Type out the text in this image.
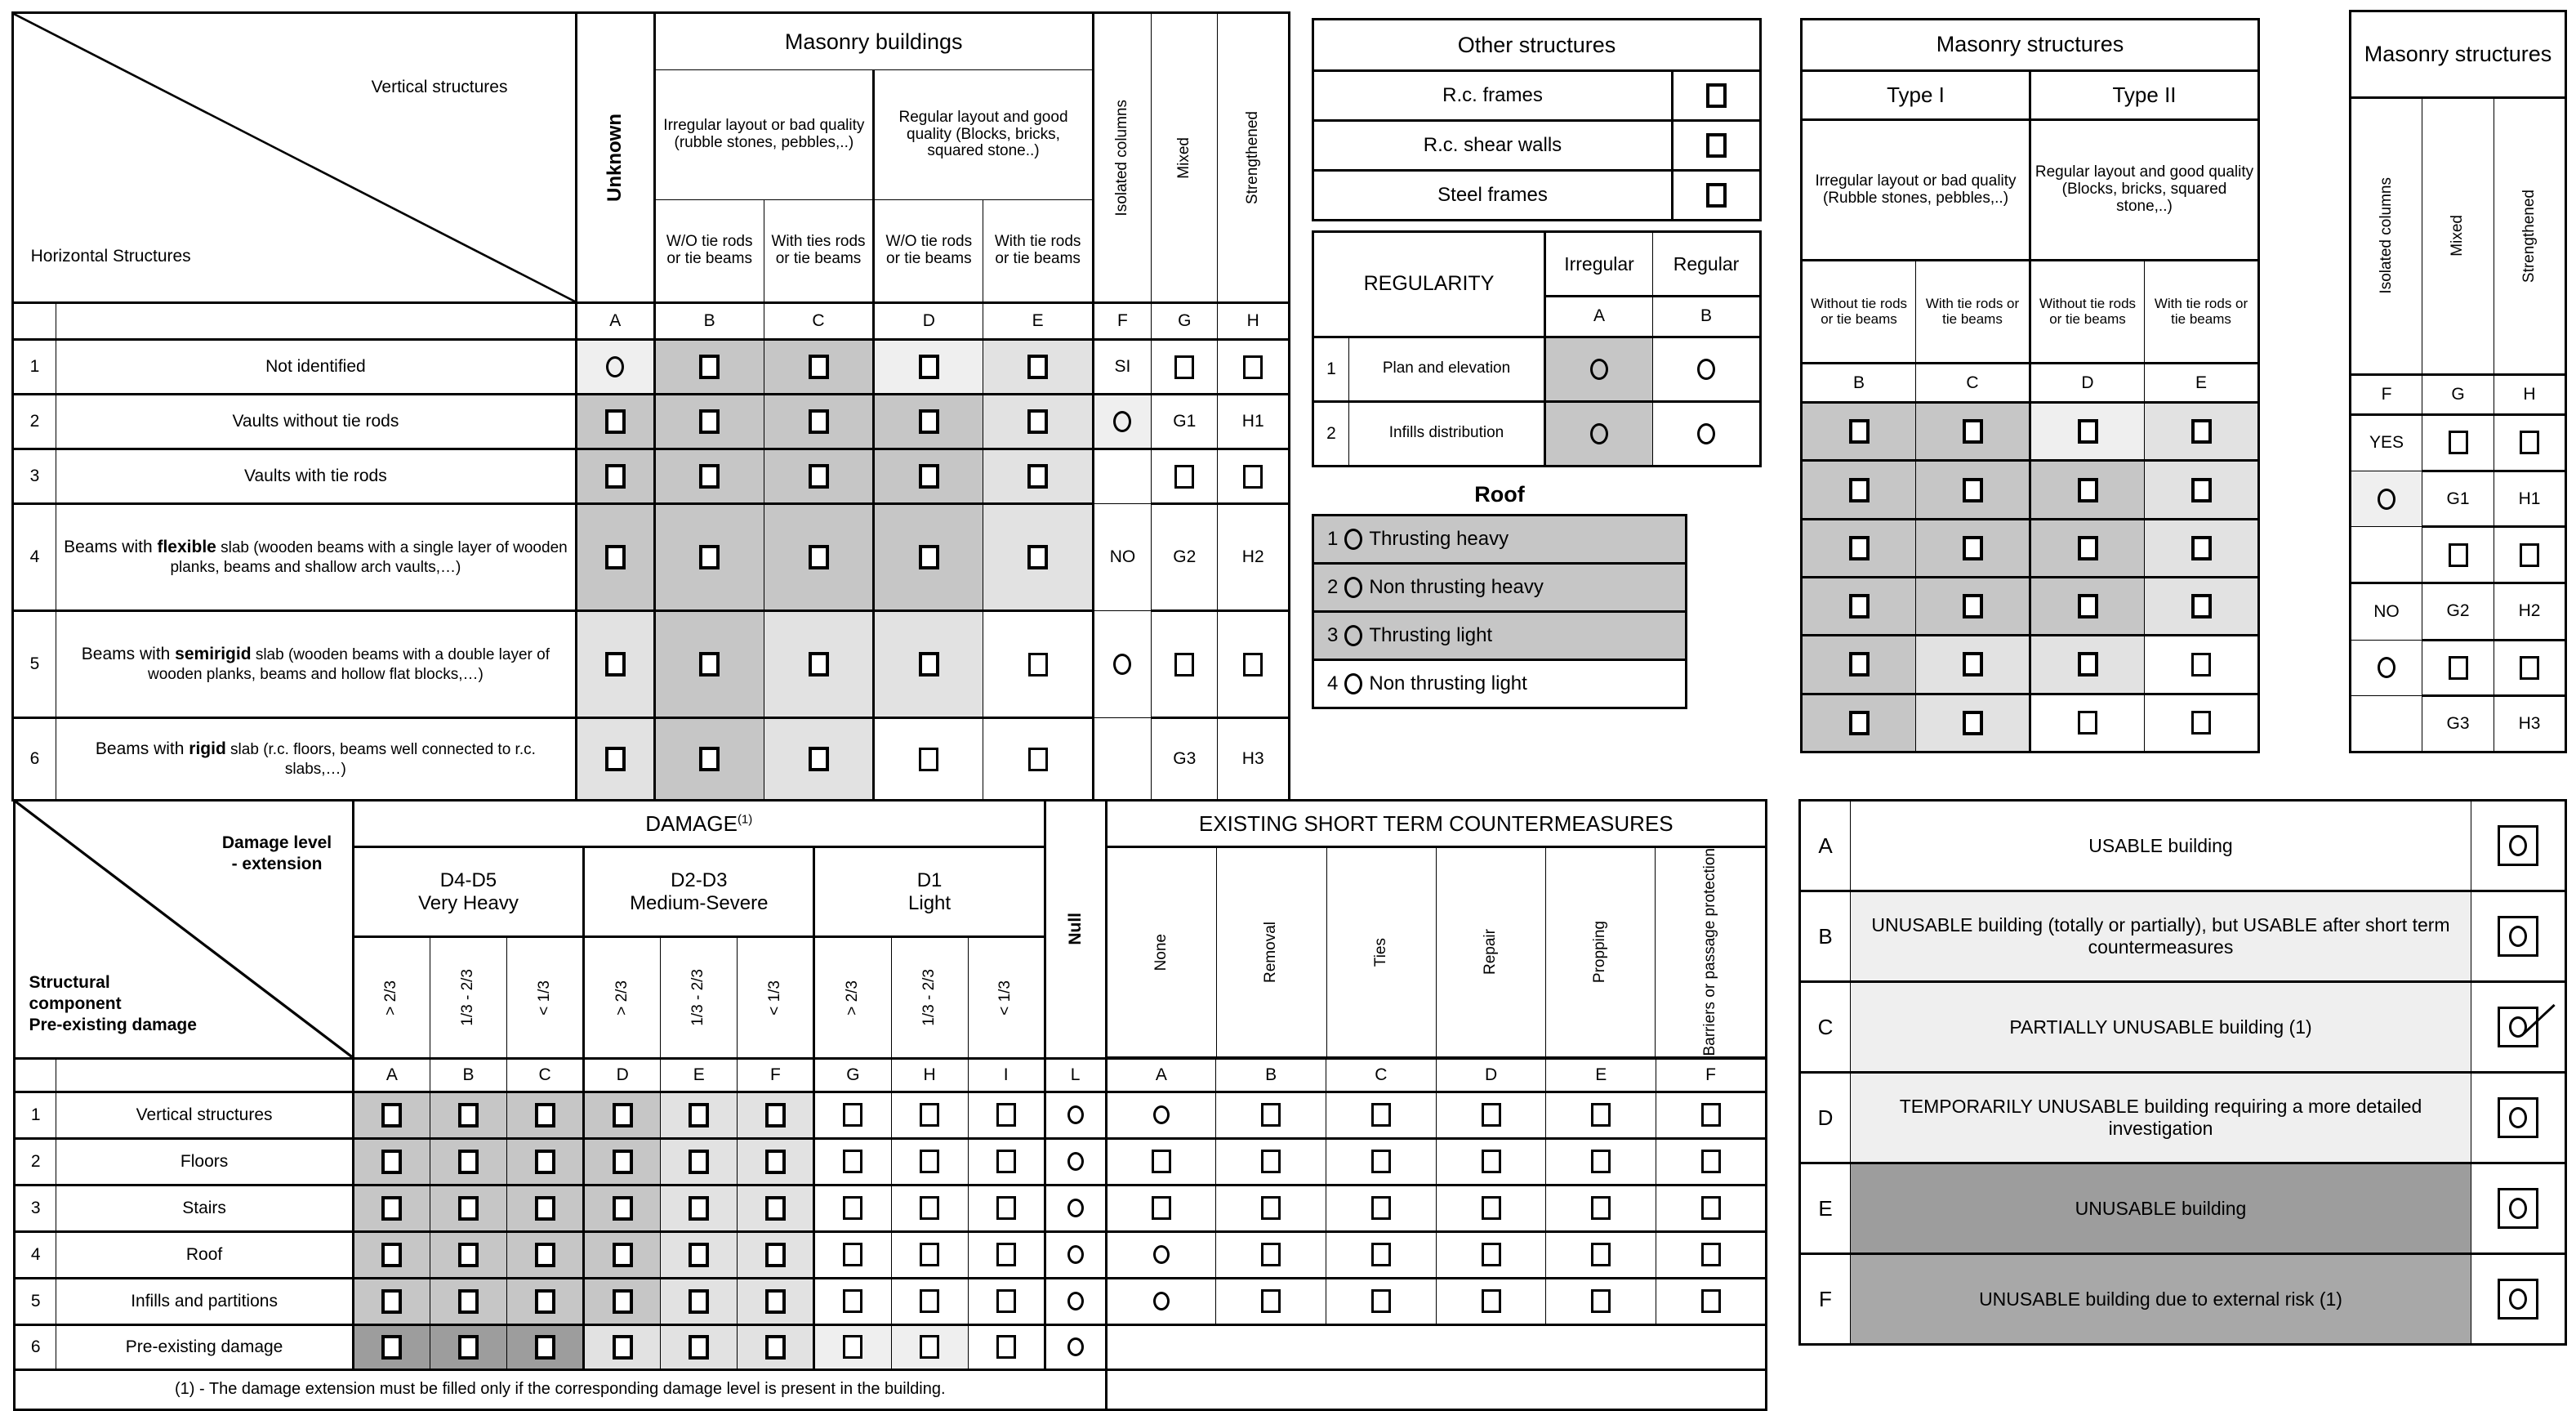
Vertical structures
Horizontal Structures		Unknown	Masonry buildings				Isolated columns	Mixed	Strengthened

			Irregular layout or bad quality (rubble stones, pebbles,..)		Regular layout and good quality (Blocks, bricks, squared stone..)				
			W/O tie rods or tie beams	With ties rods or tie beams	W/O tie rods or tie beams	With tie rods or tie beams			
		A	B	C	D	E	F	G	H
1	Not identified						SI		
2	Vaults without tie rods							G1	H1
3	Vaults with tie rods								
4	Beams with flexible slab (wooden beams with a single layer of wooden planks, beams and shallow arch vaults,…)						NO	G2	H2
5	Beams with semirigid slab (wooden beams with a double layer of wooden planks, beams and hollow flat blocks,…)								
6	Beams with rigid slab (r.c. floors, beams well connected to r.c. slabs,…)							G3	H3
Other structures	
R.c. frames	
R.c. shear walls	
Steel frames	
REGULARITY		Irregular	Regular
		A	B
1	Plan and elevation		
2	Infills distribution		
Roof
1 Thrusting heavy

2 Non thrusting heavy

3 Thrusting light

4 Non thrusting light
Masonry structures			
Type I		Type II	
Irregular layout or bad quality (Rubble stones, pebbles,..)		Regular layout and good quality (Blocks, bricks, squared stone,..)	
Without tie rods or tie beams	With tie rods or tie beams	Without tie rods or tie beams	With tie rods or tie beams
B	C	D	E

Masonry structures		

Isolated columns	Mixed	Strengthened

F	G	H
YES		
	G1	H1

NO	G2	H2

	G3	H3
Damage level
- extension
Structural
component
Pre-existing damage
	DAMAGE$^{(1)}$	
Null
	EXISTING SHORT TERM COUNTERMEASURES

D4-D5
Very Heavy

D2-D3
Medium-Severe

D1
Light

None	Removal	Ties	Repair	Propping	Barriers or passage protection

> 2/3	1/3 - 2/3	< 1/3	> 2/3	1/3 - 2/3	< 1/3	> 2/3	1/3 - 2/3	< 1/3

		A	B	C	D	E	F	G	H	I	L	A	B	C	D	E	F
1	Vertical structures																
2	Floors																
3	Stairs																
4	Roof																
5	Infills and partitions																
6	Pre-existing damage											
(1) - The damage extension must be filled only if the corresponding damage level is present in the building.	
A	USABLE building	

B	UNUSABLE building (totally or partially), but USABLE after short term countermeasures	

C	PARTIALLY UNUSABLE building (1)	

D	TEMPORARILY UNUSABLE building requiring a more detailed investigation	

E	UNUSABLE building	

F	UNUSABLE building due to external risk (1)	
